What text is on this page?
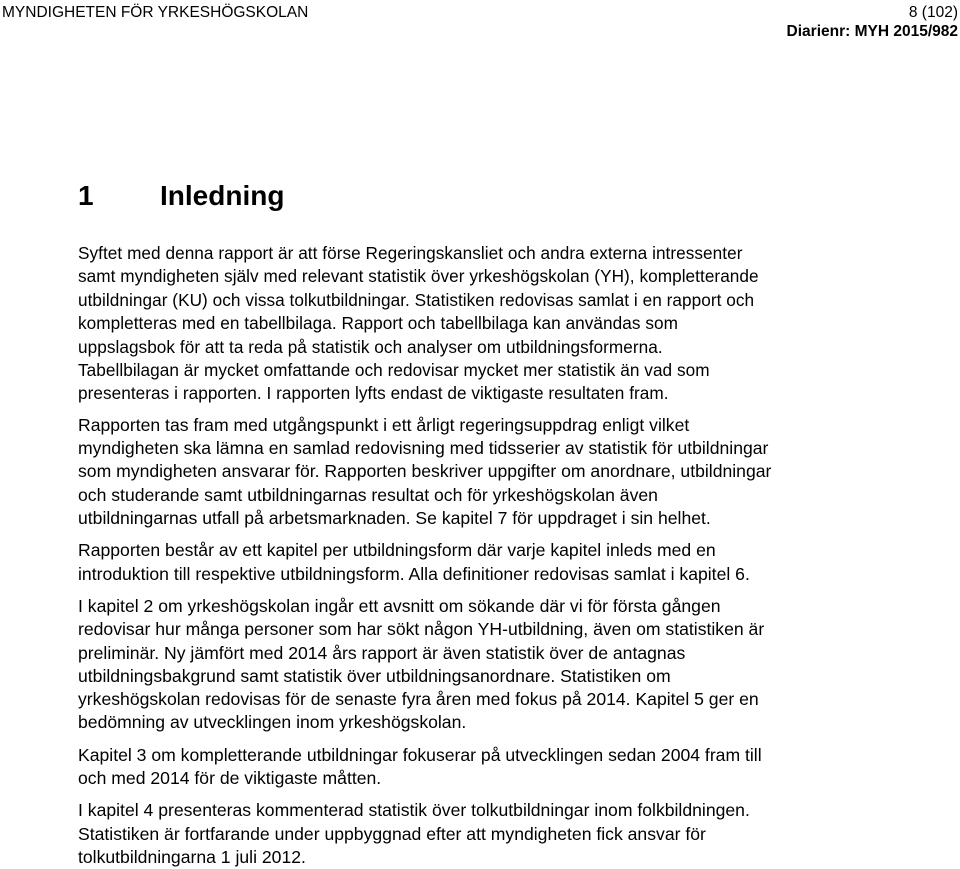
MYNDIGHETEN FÖR YRKESHÖGSKOLAN	8 (102)
Diarienr: MYH 2015/982
1 Inledning

Syftet med denna rapport är att förse Regeringskansliet och andra externa intressenter
samt myndigheten själv med relevant statistik över yrkeshögskolan (YH), kompletterande
utbildningar (KU) och vissa tolkutbildningar. Statistiken redovisas samlat i en rapport och
kompletteras med en tabellbilaga. Rapport och tabellbilaga kan användas som
uppslagsbok för att ta reda på statistik och analyser om utbildningsformerna.
Tabellbilagan är mycket omfattande och redovisar mycket mer statistik än vad som
presenteras i rapporten. I rapporten lyfts endast de viktigaste resultaten fram.

Rapporten tas fram med utgångspunkt i ett årligt regeringsuppdrag enligt vilket
myndigheten ska lämna en samlad redovisning med tidsserier av statistik för utbildningar
som myndigheten ansvarar för. Rapporten beskriver uppgifter om anordnare, utbildningar
och studerande samt utbildningarnas resultat och för yrkeshögskolan även
utbildningarnas utfall på arbetsmarknaden. Se kapitel 7 för uppdraget i sin helhet.

Rapporten består av ett kapitel per utbildningsform där varje kapitel inleds med en
introduktion till respektive utbildningsform. Alla definitioner redovisas samlat i kapitel 6.

I kapitel 2 om yrkeshögskolan ingår ett avsnitt om sökande där vi för första gången
redovisar hur många personer som har sökt någon YH-utbildning, även om statistiken är
preliminär. Ny jämfört med 2014 års rapport är även statistik över de antagnas
utbildningsbakgrund samt statistik över utbildningsanordnare. Statistiken om
yrkeshögskolan redovisas för de senaste fyra åren med fokus på 2014. Kapitel 5 ger en
bedömning av utvecklingen inom yrkeshögskolan.

Kapitel 3 om kompletterande utbildningar fokuserar på utvecklingen sedan 2004 fram till
och med 2014 för de viktigaste måtten.

I kapitel 4 presenteras kommenterad statistik över tolkutbildningar inom folkbildningen.
Statistiken är fortfarande under uppbyggnad efter att myndigheten fick ansvar för
tolkutbildningarna 1 juli 2012.
